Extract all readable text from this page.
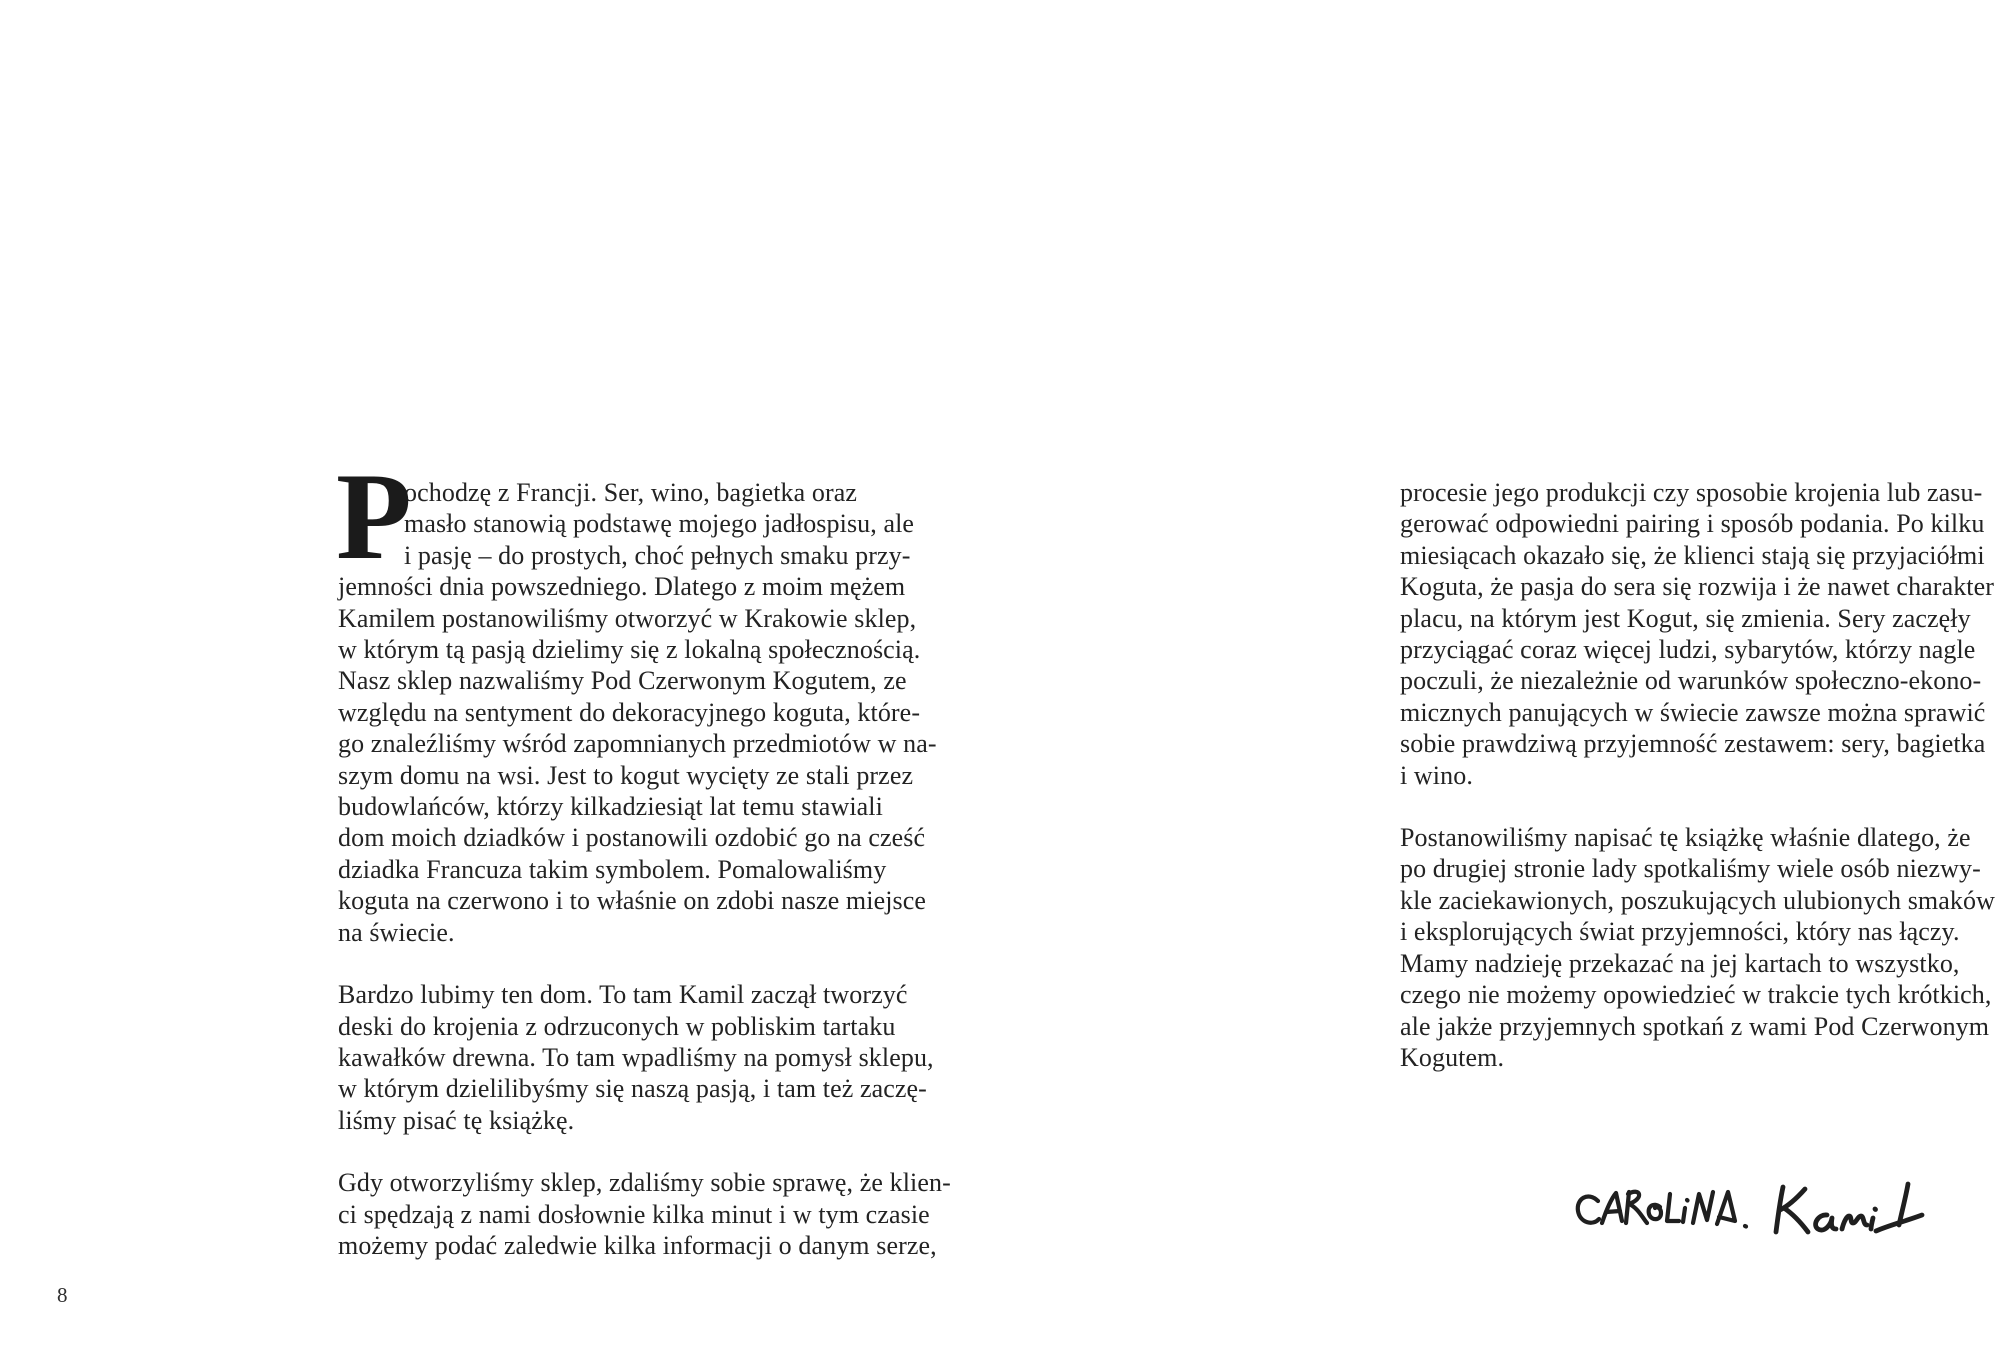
P
ochodzę z Francji. Ser, wino, bagietka oraz
masło stanowią podstawę mojego jadłospisu, ale
i pasję – do prostych, choć pełnych smaku przy-
jemności dnia powszedniego. Dlatego z moim mężem
Kamilem postanowiliśmy otworzyć w Krakowie sklep,
w którym tą pasją dzielimy się z lokalną społecznością.
Nasz sklep nazwaliśmy Pod Czerwonym Kogutem, ze
względu na sentyment do dekoracyjnego koguta, które-
go znaleźliśmy wśród zapomnianych przedmiotów w na-
szym domu na wsi. Jest to kogut wycięty ze stali przez
budowlańców, którzy kilkadziesiąt lat temu stawiali
dom moich dziadków i postanowili ozdobić go na cześć
dziadka Francuza takim symbolem. Pomalowaliśmy
koguta na czerwono i to właśnie on zdobi nasze miejsce
na świecie.

Bardzo lubimy ten dom. To tam Kamil zaczął tworzyć
deski do krojenia z odrzuconych w pobliskim tartaku
kawałków drewna. To tam wpadliśmy na pomysł sklepu,
w którym dzielilibyśmy się naszą pasją, i tam też zaczę-
liśmy pisać tę książkę.

Gdy otworzyliśmy sklep, zdaliśmy sobie sprawę, że klien-
ci spędzają z nami dosłownie kilka minut i w tym czasie
możemy podać zaledwie kilka informacji o danym serze,

8

procesie jego produkcji czy sposobie krojenia lub zasu-
gerować odpowiedni pairing i sposób podania. Po kilku
miesiącach okazało się, że klienci stają się przyjaciółmi
Koguta, że pasja do sera się rozwija i że nawet charakter
placu, na którym jest Kogut, się zmienia. Sery zaczęły
przyciągać coraz więcej ludzi, sybarytów, którzy nagle
poczuli, że niezależnie od warunków społeczno-ekono-
micznych panujących w świecie zawsze można sprawić
sobie prawdziwą przyjemność zestawem: sery, bagietka
i wino.

Postanowiliśmy napisać tę książkę właśnie dlatego, że
po drugiej stronie lady spotkaliśmy wiele osób niezwy-
kle zaciekawionych, poszukujących ulubionych smaków
i eksplorujących świat przyjemności, który nas łączy.
Mamy nadzieję przekazać na jej kartach to wszystko,
czego nie możemy opowiedzieć w trakcie tych krótkich,
ale jakże przyjemnych spotkań z wami Pod Czerwonym
Kogutem.
